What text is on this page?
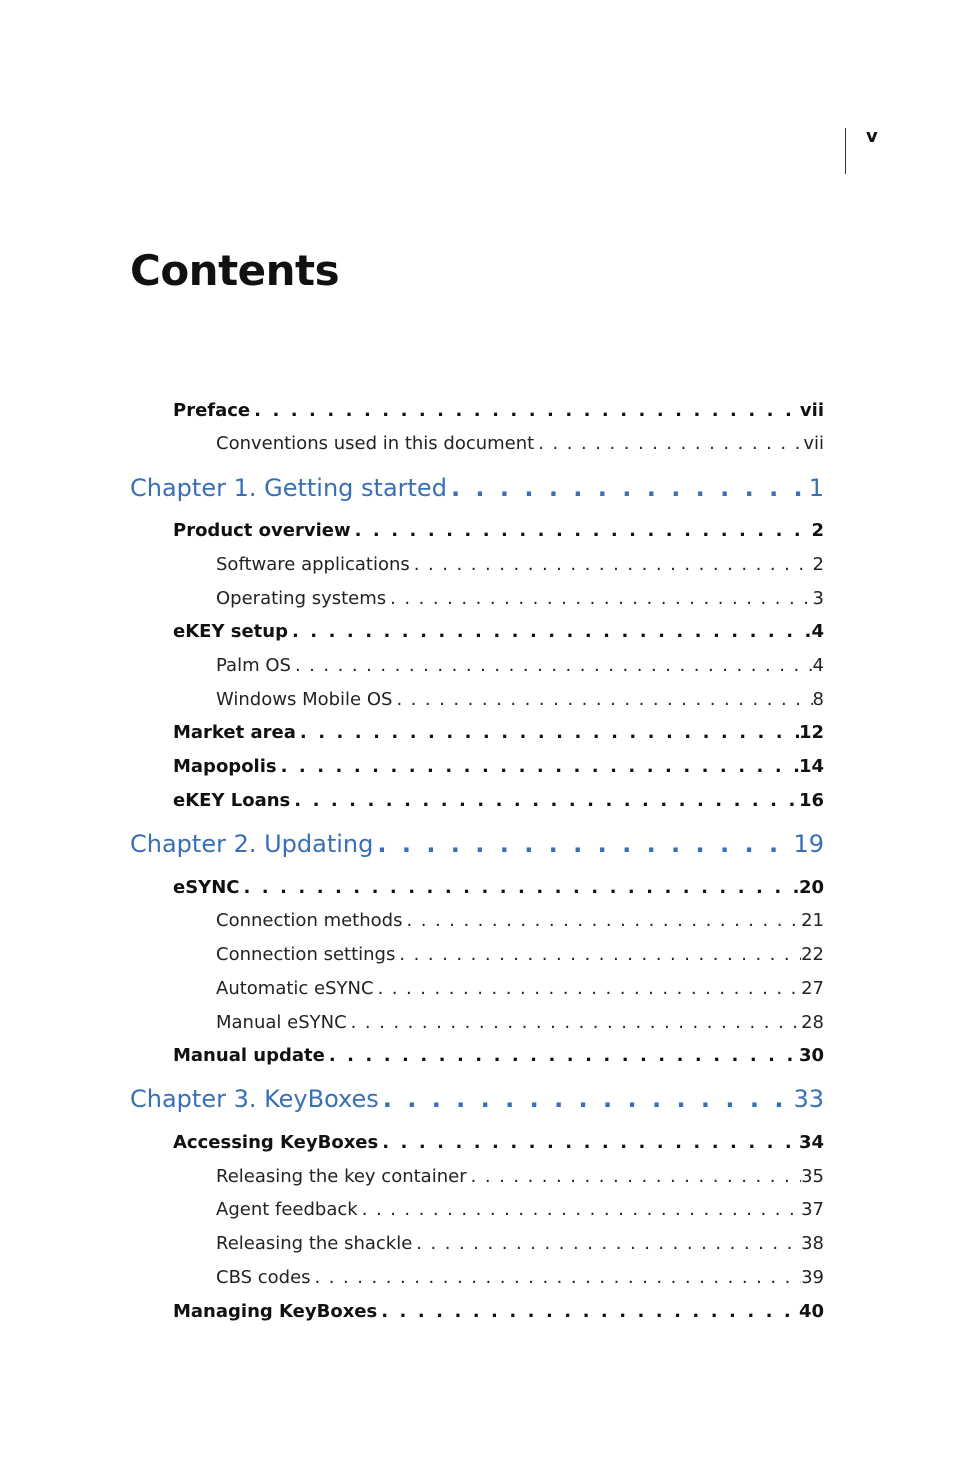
v
Contents
Preface . . .	vii
Conventions used in this document . . .	vii
Chapter 1. Getting started . . .	1
Product overview . . .	2
Software applications . . .	2
Operating systems . . .	3
eKEY setup . . .	4
Palm OS . . .	4
Windows Mobile OS . . .	8
Market area . . .	12
Mapopolis . . .	14
eKEY Loans . . .	16
Chapter 2. Updating . . .	19
eSYNC . . .	20
Connection methods . . .	21
Connection settings . . .	22
Automatic eSYNC . . .	27
Manual eSYNC . . .	28
Manual update . . .	30
Chapter 3. KeyBoxes . . .	33
Accessing KeyBoxes . . .	34
Releasing the key container . . .	35
Agent feedback . . .	37
Releasing the shackle . . .	38
CBS codes . . .	39
Managing KeyBoxes . . .	40
